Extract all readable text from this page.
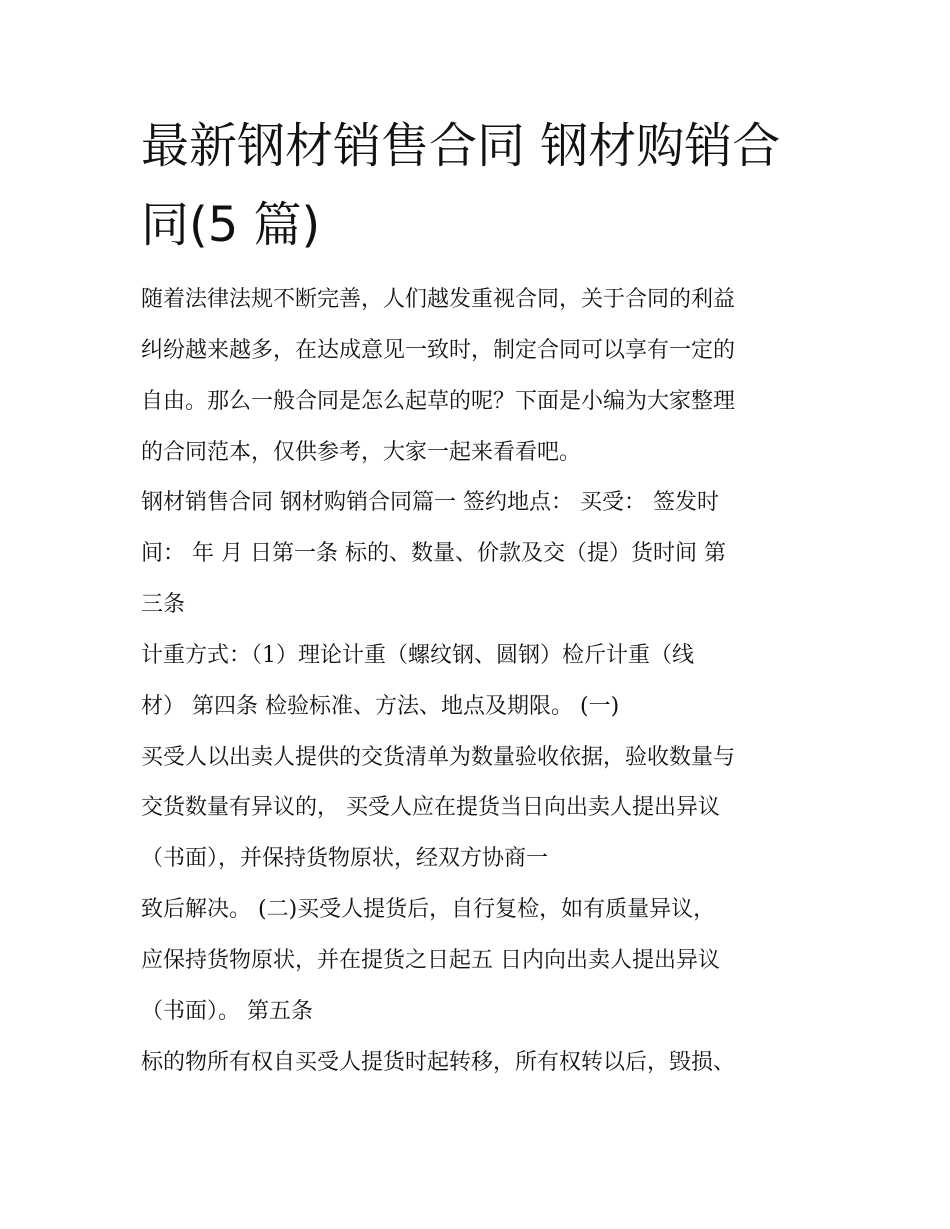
最新钢材销售合同 钢材购销合
同(5 篇)
随着法律法规不断完善，人们越发重视合同，关于合同的利益
纠纷越来越多，在达成意见一致时，制定合同可以享有一定的
自由。那么一般合同是怎么起草的呢？下面是小编为大家整理
的合同范本，仅供参考，大家一起来看看吧。
钢材销售合同 钢材购销合同篇一 签约地点： 买受： 签发时
间： 年 月 日第一条 标的、数量、价款及交（提）货时间 第
三条
计重方式：（1）理论计重（螺纹钢、圆钢）检斤计重（线
材） 第四条 检验标准、方法、地点及期限。 (一)
买受人以出卖人提供的交货清单为数量验收依据，验收数量与
交货数量有异议的， 买受人应在提货当日向出卖人提出异议
（书面），并保持货物原状，经双方协商一
致后解决。 (二)买受人提货后，自行复检，如有质量异议，
应保持货物原状，并在提货之日起五 日内向出卖人提出异议
（书面）。 第五条
标的物所有权自买受人提货时起转移，所有权转以后，毁损、
